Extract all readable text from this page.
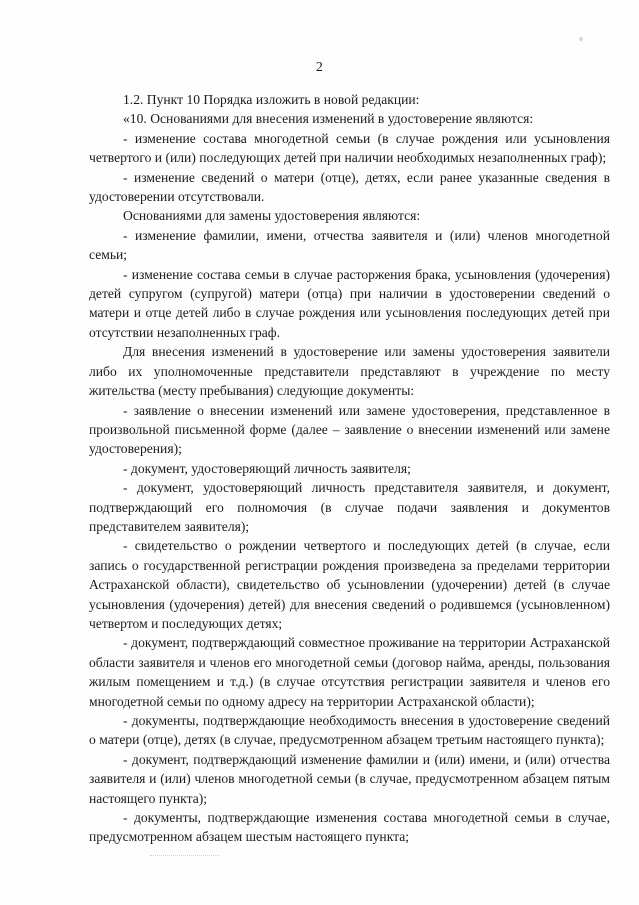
2

1.2. Пункт 10 Порядка изложить в новой редакции:

«10. Основаниями для внесения изменений в удостоверение являются:

- изменение состава многодетной семьи (в случае рождения или усыновления четвертого и (или) последующих детей при наличии необходимых незаполненных граф);

- изменение сведений о матери (отце), детях, если ранее указанные сведения в удостоверении отсутствовали.

Основаниями для замены удостоверения являются:

- изменение фамилии, имени, отчества заявителя и (или) членов многодетной семьи;

- изменение состава семьи в случае расторжения брака, усыновления (удочерения) детей супругом (супругой) матери (отца) при наличии в удостоверении сведений о матери и отце детей либо в случае рождения или усыновления последующих детей при отсутствии незаполненных граф.

Для внесения изменений в удостоверение или замены удостоверения заявители либо их уполномоченные представители представляют в учреждение по месту жительства (месту пребывания) следующие документы:

- заявление о внесении изменений или замене удостоверения, представленное в произвольной письменной форме (далее – заявление о внесении изменений или замене удостоверения);

- документ, удостоверяющий личность заявителя;

- документ, удостоверяющий личность представителя заявителя, и документ, подтверждающий его полномочия (в случае подачи заявления и документов представителем заявителя);

- свидетельство о рождении четвертого и последующих детей (в случае, если запись о государственной регистрации рождения произведена за пределами территории Астраханской области), свидетельство об усыновлении (удочерении) детей (в случае усыновления (удочерения) детей) для внесения сведений о родившемся (усыновленном) четвертом и последующих детях;

- документ, подтверждающий совместное проживание на территории Астраханской области заявителя и членов его многодетной семьи (договор найма, аренды, пользования жилым помещением и т.д.) (в случае отсутствия регистрации заявителя и членов его многодетной семьи по одному адресу на территории Астраханской области);

- документы, подтверждающие необходимость внесения в удостоверение сведений о матери (отце), детях (в случае, предусмотренном абзацем третьим настоящего пункта);

- документ, подтверждающий изменение фамилии и (или) имени, и (или) отчества заявителя и (или) членов многодетной семьи (в случае, предусмотренном абзацем пятым настоящего пункта);

- документы, подтверждающие изменения состава многодетной семьи в случае, предусмотренном абзацем шестым настоящего пункта;
